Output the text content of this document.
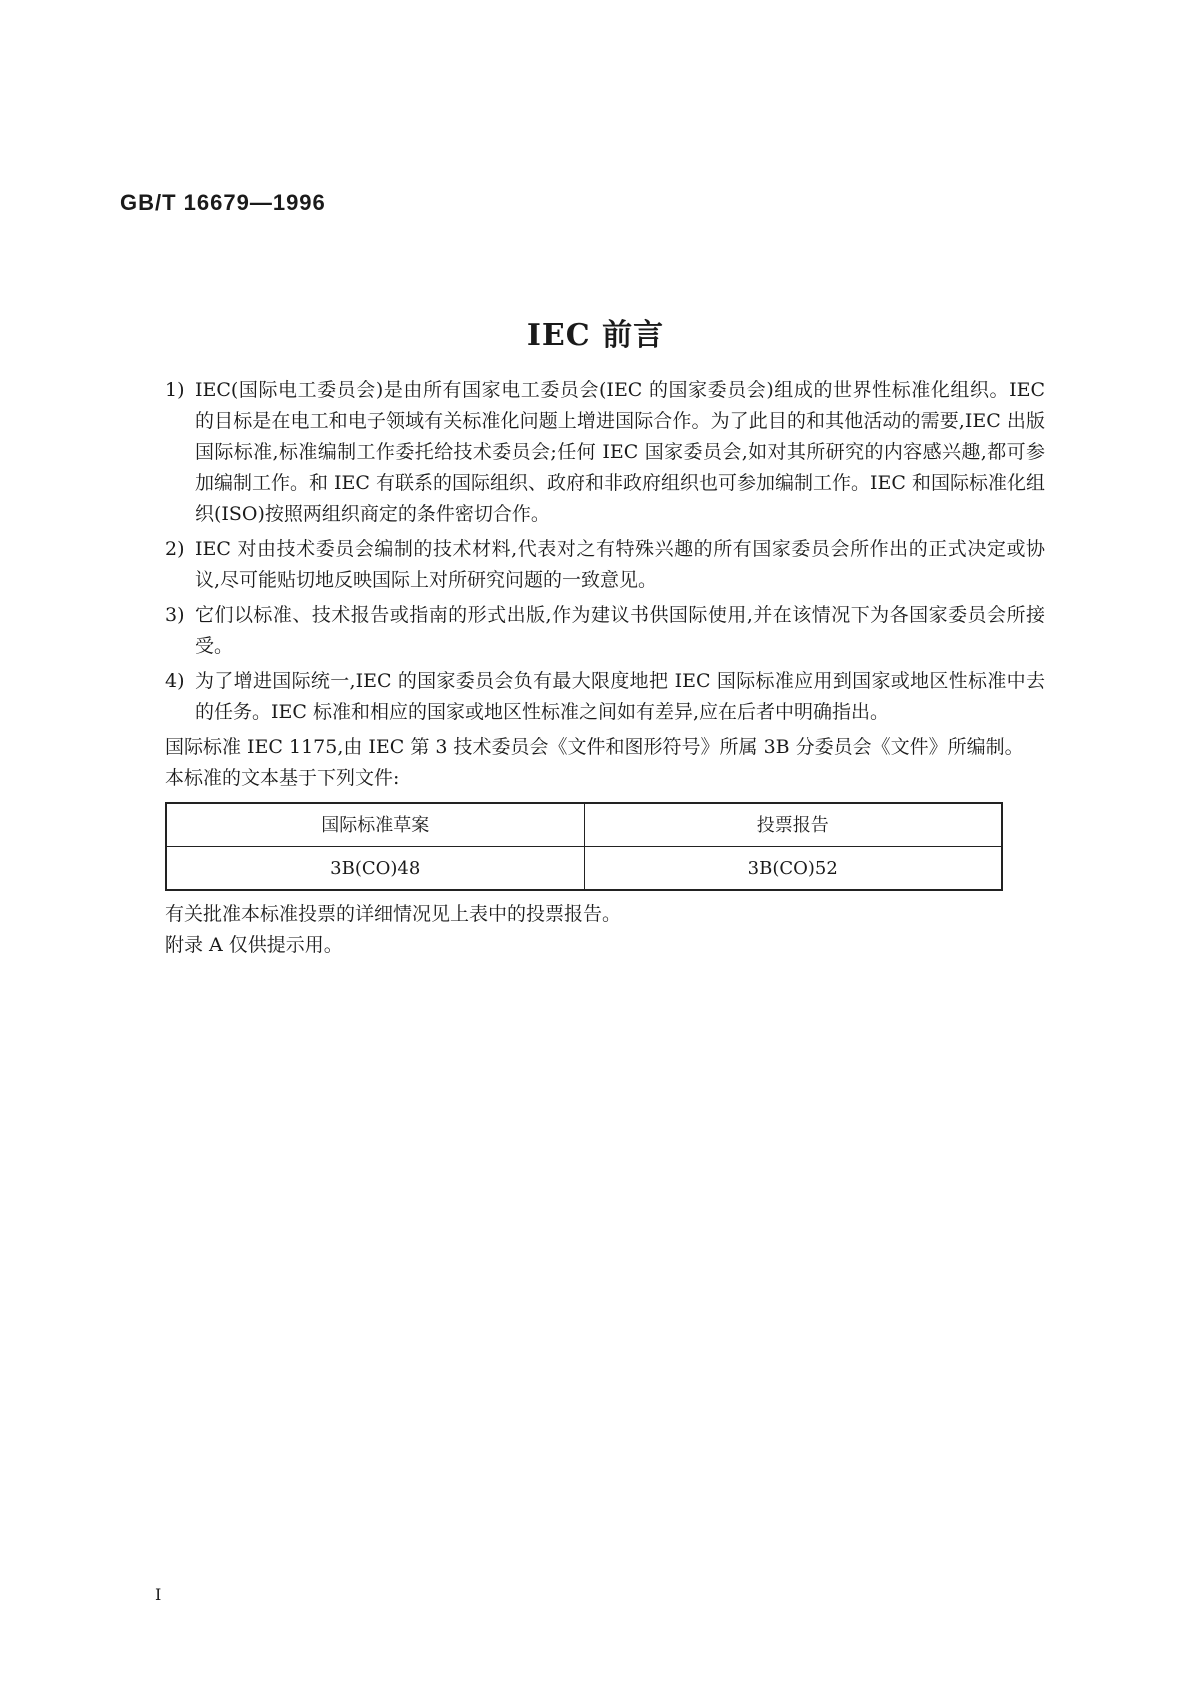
GB/T 16679—1996
IEC 前言
1) IEC(国际电工委员会)是由所有国家电工委员会(IEC 的国家委员会)组成的世界性标准化组织。IEC 的目标是在电工和电子领域有关标准化问题上增进国际合作。为了此目的和其他活动的需要,IEC 出版国际标准,标准编制工作委托给技术委员会;任何 IEC 国家委员会,如对其所研究的内容感兴趣,都可参加编制工作。和 IEC 有联系的国际组织、政府和非政府组织也可参加编制工作。IEC 和国际标准化组织(ISO)按照两组织商定的条件密切合作。
2) IEC 对由技术委员会编制的技术材料,代表对之有特殊兴趣的所有国家委员会所作出的正式决定或协议,尽可能贴切地反映国际上对所研究问题的一致意见。
3) 它们以标准、技术报告或指南的形式出版,作为建议书供国际使用,并在该情况下为各国家委员会所接受。
4) 为了增进国际统一,IEC 的国家委员会负有最大限度地把 IEC 国际标准应用到国家或地区性标准中去的任务。IEC 标准和相应的国家或地区性标准之间如有差异,应在后者中明确指出。

国际标准 IEC 1175,由 IEC 第 3 技术委员会《文件和图形符号》所属 3B 分委员会《文件》所编制。

本标准的文本基于下列文件:

国际标准草案	投票报告
3B(CO)48	3B(CO)52

有关批准本标准投票的详细情况见上表中的投票报告。

附录 A 仅供提示用。

I
